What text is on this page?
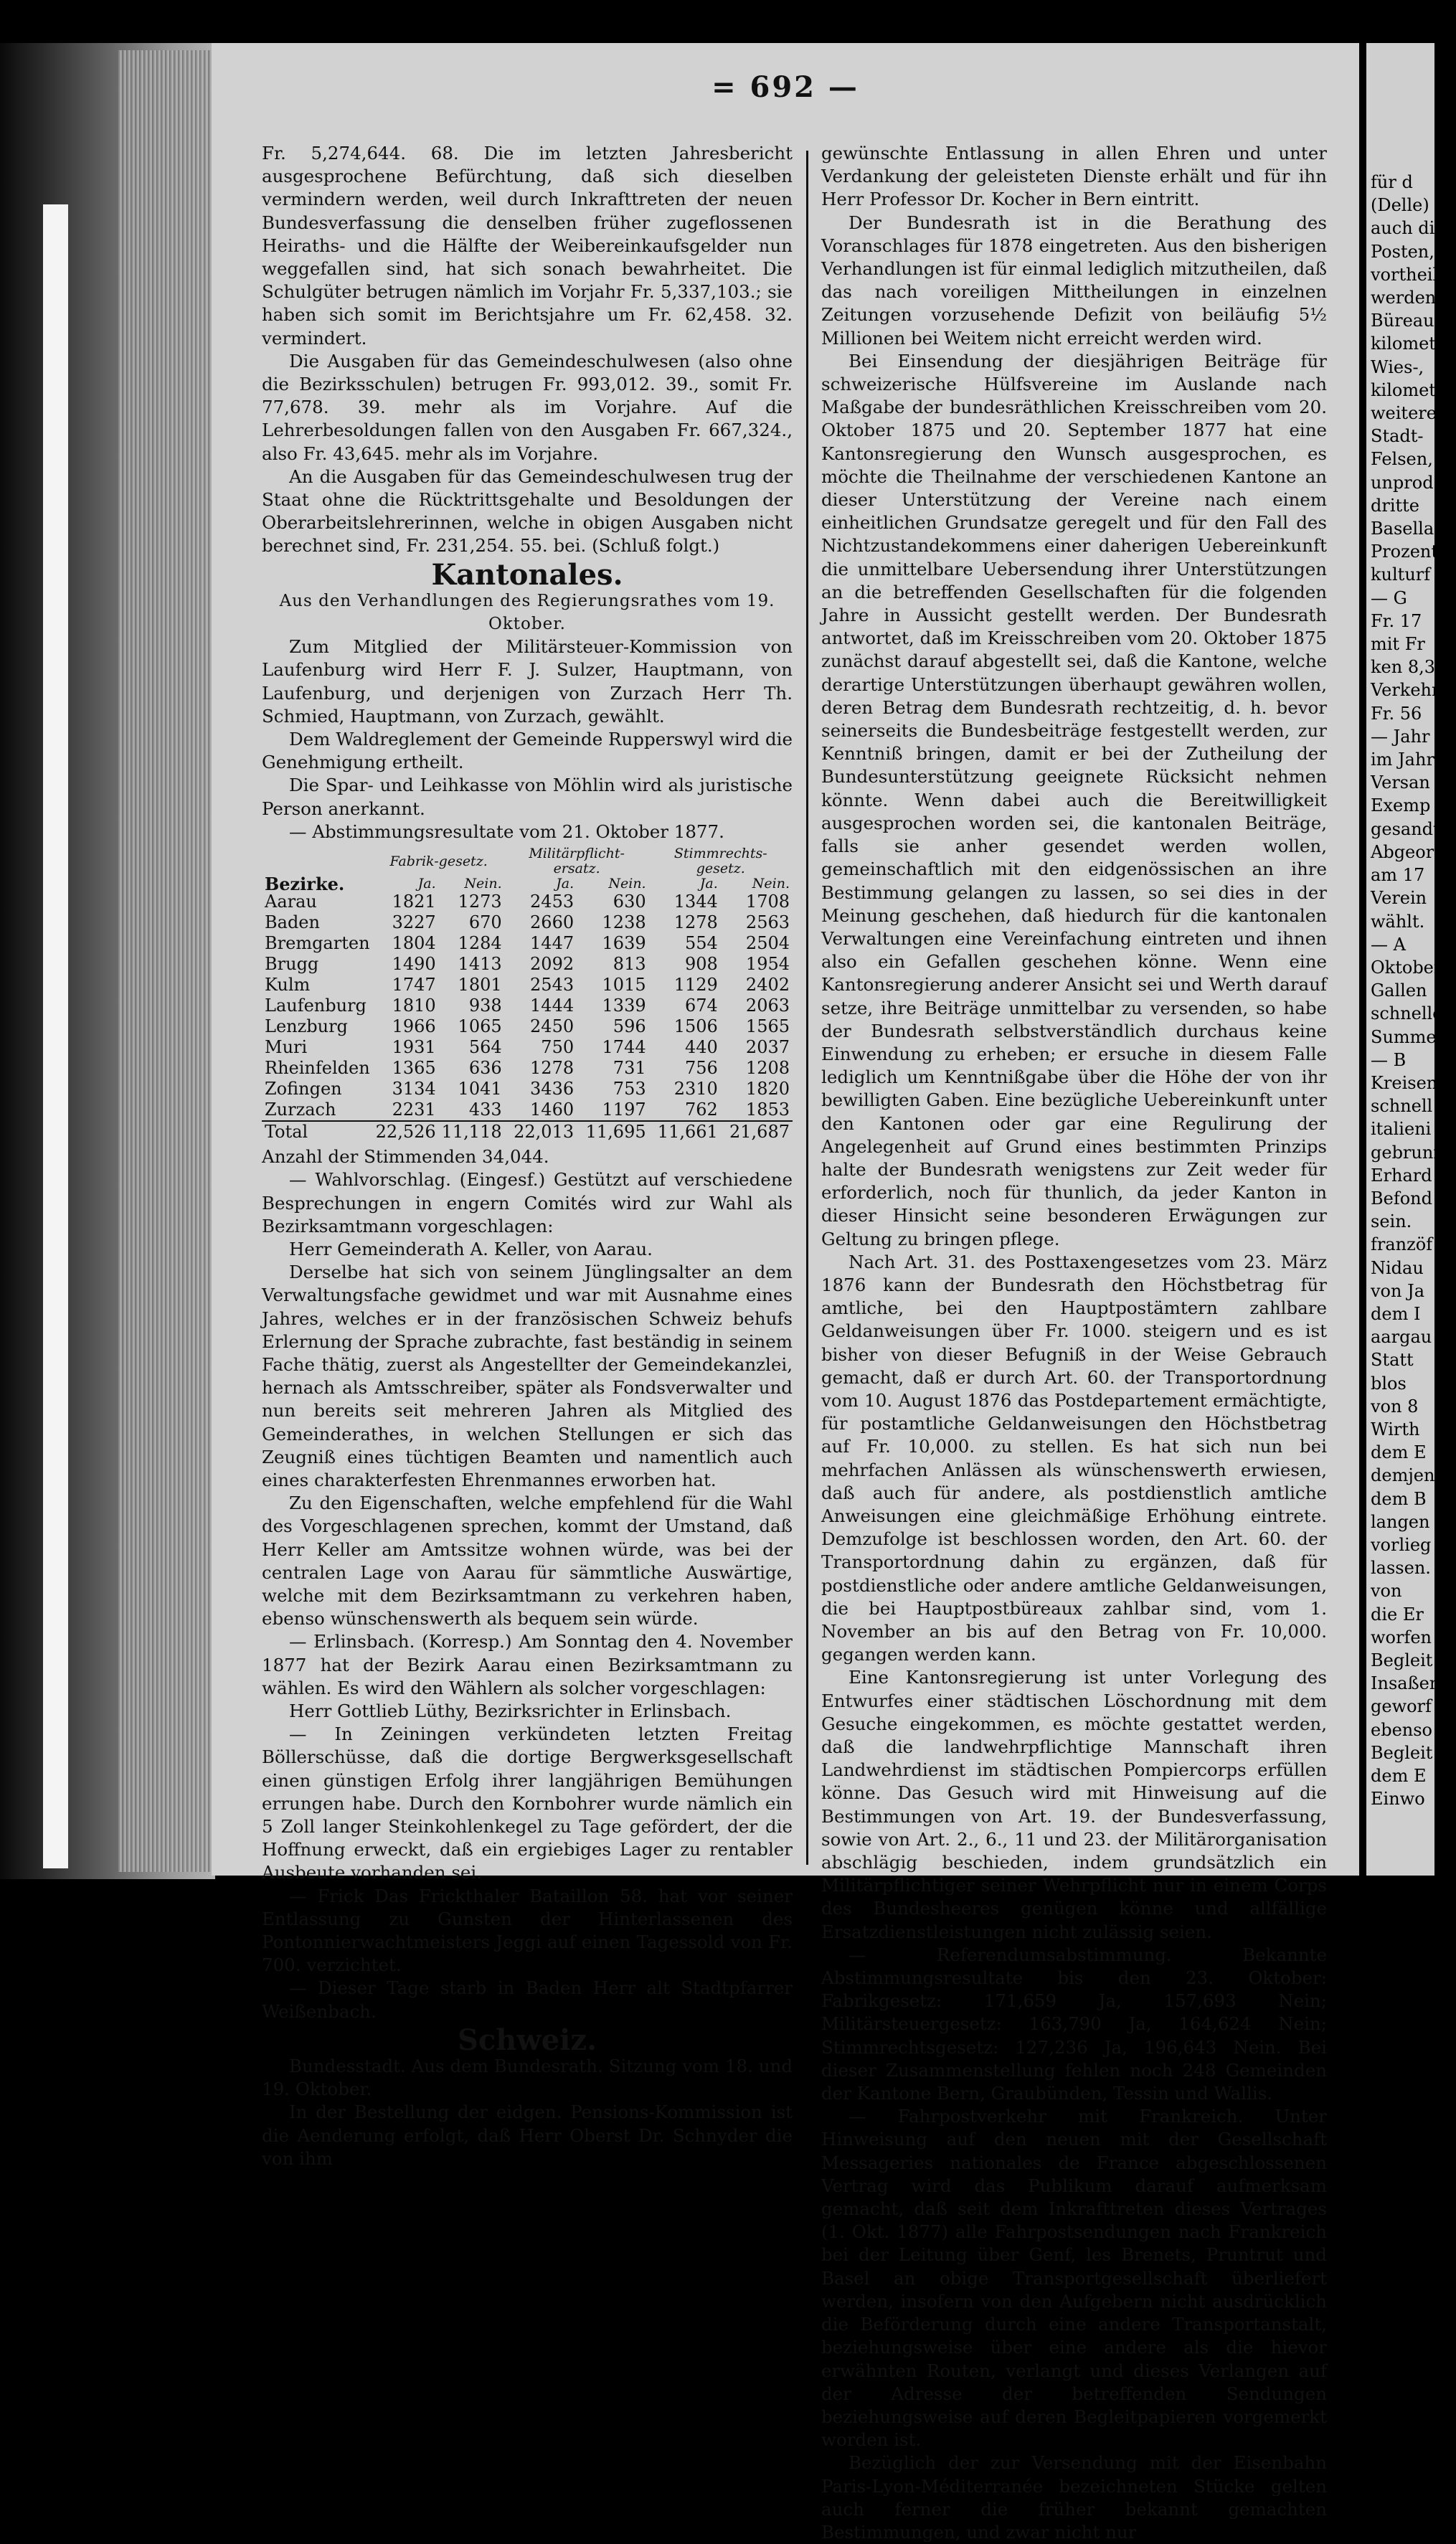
= 692 —

Fr. 5,274,644. 68. Die im letzten Jahresbericht ausgesprochene Befürchtung, daß sich dieselben vermindern werden, weil durch Inkrafttreten der neuen Bundesverfassung die denselben früher zugeflossenen Heiraths- und die Hälfte der Weibereinkaufsgelder nun weggefallen sind, hat sich sonach bewahrheitet. Die Schulgüter betrugen nämlich im Vorjahr Fr. 5,337,103.; sie haben sich somit im Berichtsjahre um Fr. 62,458. 32. vermindert.

Die Ausgaben für das Gemeindeschulwesen (also ohne die Bezirksschulen) betrugen Fr. 993,012. 39., somit Fr. 77,678. 39. mehr als im Vorjahre. Auf die Lehrerbesoldungen fallen von den Ausgaben Fr. 667,324., also Fr. 43,645. mehr als im Vorjahre.

An die Ausgaben für das Gemeindeschulwesen trug der Staat ohne die Rücktrittsgehalte und Besoldungen der Oberarbeitslehrerinnen, welche in obigen Ausgaben nicht berechnet sind, Fr. 231,254. 55. bei. (Schluß folgt.)

Kantonales.

Aus den Verhandlungen des Regierungsrathes vom 19. Oktober.

Zum Mitglied der Militärsteuer-Kommission von Laufenburg wird Herr F. J. Sulzer, Hauptmann, von Laufenburg, und derjenigen von Zurzach Herr Th. Schmied, Hauptmann, von Zurzach, gewählt.

Dem Waldreglement der Gemeinde Rupperswyl wird die Genehmigung ertheilt.

Die Spar- und Leihkasse von Möhlin wird als juristische Person anerkannt.

— Abstimmungsresultate vom 21. Oktober 1877.

Bezirke.	Fabrik-gesetz.		Militärpflicht-ersatz.		Stimmrechts-gesetz.	
	Ja.	Nein.	Ja.	Nein.	Ja.	Nein.
Aarau	1821	1273	2453	630	1344	1708
Baden	3227	670	2660	1238	1278	2563
Bremgarten	1804	1284	1447	1639	554	2504
Brugg	1490	1413	2092	813	908	1954
Kulm	1747	1801	2543	1015	1129	2402
Laufenburg	1810	938	1444	1339	674	2063
Lenzburg	1966	1065	2450	596	1506	1565
Muri	1931	564	750	1744	440	2037
Rheinfelden	1365	636	1278	731	756	1208
Zofingen	3134	1041	3436	753	2310	1820
Zurzach	2231	433	1460	1197	762	1853
Total	22,526	11,118	22,013	11,695	11,661	21,687

Anzahl der Stimmenden 34,044.

— Wahlvorschlag. (Eingesf.) Gestützt auf verschiedene Besprechungen in engern Comités wird zur Wahl als Bezirksamtmann vorgeschlagen:

Herr Gemeinderath A. Keller, von Aarau.

Derselbe hat sich von seinem Jünglingsalter an dem Verwaltungsfache gewidmet und war mit Ausnahme eines Jahres, welches er in der französischen Schweiz behufs Erlernung der Sprache zubrachte, fast beständig in seinem Fache thätig, zuerst als Angestellter der Gemeindekanzlei, hernach als Amtsschreiber, später als Fondsverwalter und nun bereits seit mehreren Jahren als Mitglied des Gemeinderathes, in welchen Stellungen er sich das Zeugniß eines tüchtigen Beamten und namentlich auch eines charakterfesten Ehrenmannes erworben hat.

Zu den Eigenschaften, welche empfehlend für die Wahl des Vorgeschlagenen sprechen, kommt der Umstand, daß Herr Keller am Amtssitze wohnen würde, was bei der centralen Lage von Aarau für sämmtliche Auswärtige, welche mit dem Bezirksamtmann zu verkehren haben, ebenso wünschenswerth als bequem sein würde.

— Erlinsbach. (Korresp.) Am Sonntag den 4. November 1877 hat der Bezirk Aarau einen Bezirksamtmann zu wählen. Es wird den Wählern als solcher vorgeschlagen:

Herr Gottlieb Lüthy, Bezirksrichter in Erlinsbach.

— In Zeiningen verkündeten letzten Freitag Böllerschüsse, daß die dortige Bergwerksgesellschaft einen günstigen Erfolg ihrer langjährigen Bemühungen errungen habe. Durch den Kornbohrer wurde nämlich ein 5 Zoll langer Steinkohlenkegel zu Tage gefördert, der die Hoffnung erweckt, daß ein ergiebiges Lager zu rentabler Ausbeute vorhanden sei.

— Frick Das Frickthaler Bataillon 58. hat vor seiner Entlassung zu Gunsten der Hinterlassenen des Pontonnierwachtmeisters Jeggi auf einen Tagessold von Fr. 700. verzichtet.

— Dieser Tage starb in Baden Herr alt Stadtpfarrer Weißenbach.

Schweiz.

Bundesstadt. Aus dem Bundesrath. Sitzung vom 18. und 19. Oktober.

In der Bestellung der eidgen. Pensions-Kommission ist die Aenderung erfolgt, daß Herr Oberst Dr. Schnyder die von ihm

gewünschte Entlassung in allen Ehren und unter Verdankung der geleisteten Dienste erhält und für ihn Herr Professor Dr. Kocher in Bern eintritt.

Der Bundesrath ist in die Berathung des Voranschlages für 1878 eingetreten. Aus den bisherigen Verhandlungen ist für einmal lediglich mitzutheilen, daß das nach voreiligen Mittheilungen in einzelnen Zeitungen vorzusehende Defizit von beiläufig 5½ Millionen bei Weitem nicht erreicht werden wird.

Bei Einsendung der diesjährigen Beiträge für schweizerische Hülfsvereine im Auslande nach Maßgabe der bundesräthlichen Kreisschreiben vom 20. Oktober 1875 und 20. September 1877 hat eine Kantonsregierung den Wunsch ausgesprochen, es möchte die Theilnahme der verschiedenen Kantone an dieser Unterstützung der Vereine nach einem einheitlichen Grundsatze geregelt und für den Fall des Nichtzustandekommens einer daherigen Uebereinkunft die unmittelbare Uebersendung ihrer Unterstützungen an die betreffenden Gesellschaften für die folgenden Jahre in Aussicht gestellt werden. Der Bundesrath antwortet, daß im Kreisschreiben vom 20. Oktober 1875 zunächst darauf abgestellt sei, daß die Kantone, welche derartige Unterstützungen überhaupt gewähren wollen, deren Betrag dem Bundesrath rechtzeitig, d. h. bevor seinerseits die Bundesbeiträge festgestellt werden, zur Kenntniß bringen, damit er bei der Zutheilung der Bundesunterstützung geeignete Rücksicht nehmen könnte. Wenn dabei auch die Bereitwilligkeit ausgesprochen worden sei, die kantonalen Beiträge, falls sie anher gesendet werden wollen, gemeinschaftlich mit den eidgenössischen an ihre Bestimmung gelangen zu lassen, so sei dies in der Meinung geschehen, daß hiedurch für die kantonalen Verwaltungen eine Vereinfachung eintreten und ihnen also ein Gefallen geschehen könne. Wenn eine Kantonsregierung anderer Ansicht sei und Werth darauf setze, ihre Beiträge unmittelbar zu versenden, so habe der Bundesrath selbstverständlich durchaus keine Einwendung zu erheben; er ersuche in diesem Falle lediglich um Kenntnißgabe über die Höhe der von ihr bewilligten Gaben. Eine bezügliche Uebereinkunft unter den Kantonen oder gar eine Regulirung der Angelegenheit auf Grund eines bestimmten Prinzips halte der Bundesrath wenigstens zur Zeit weder für erforderlich, noch für thunlich, da jeder Kanton in dieser Hinsicht seine besonderen Erwägungen zur Geltung zu bringen pflege.

Nach Art. 31. des Posttaxengesetzes vom 23. März 1876 kann der Bundesrath den Höchstbetrag für amtliche, bei den Hauptpostämtern zahlbare Geldanweisungen über Fr. 1000. steigern und es ist bisher von dieser Befugniß in der Weise Gebrauch gemacht, daß er durch Art. 60. der Transportordnung vom 10. August 1876 das Postdepartement ermächtigte, für postamtliche Geldanweisungen den Höchstbetrag auf Fr. 10,000. zu stellen. Es hat sich nun bei mehrfachen Anlässen als wünschenswerth erwiesen, daß auch für andere, als postdienstlich amtliche Anweisungen eine gleichmäßige Erhöhung eintrete. Demzufolge ist beschlossen worden, den Art. 60. der Transportordnung dahin zu ergänzen, daß für postdienstliche oder andere amtliche Geldanweisungen, die bei Hauptpostbüreaux zahlbar sind, vom 1. November an bis auf den Betrag von Fr. 10,000. gegangen werden kann.

Eine Kantonsregierung ist unter Vorlegung des Entwurfes einer städtischen Löschordnung mit dem Gesuche eingekommen, es möchte gestattet werden, daß die landwehrpflichtige Mannschaft ihren Landwehrdienst im städtischen Pompiercorps erfüllen könne. Das Gesuch wird mit Hinweisung auf die Bestimmungen von Art. 19. der Bundesverfassung, sowie von Art. 2., 6., 11 und 23. der Militärorganisation abschlägig beschieden, indem grundsätzlich ein Militärpflichtiger seiner Wehrpflicht nur in einem Corps des Bundesheeres genügen könne und allfällige Ersatzdienstleistungen nicht zulässig seien.

— Referendumsabstimmung. Bekannte Abstimmungsresultate bis den 23. Oktober: Fabrikgesetz: 171,659 Ja, 157,693 Nein; Militärsteuergesetz: 163,790 Ja, 164,624 Nein; Stimmrechtsgesetz: 127,236 Ja, 196,643 Nein. Bei dieser Zusammenstellung fehlen noch 248 Gemeinden der Kantone Bern, Graubünden, Tessin und Wallis.

— Fahrpostverkehr mit Frankreich. Unter Hinweisung auf den neuen mit der Gesellschaft Messageries nationales de France abgeschlossenen Vertrag wird das Publikum darauf aufmerksam gemacht, daß seit dem Inkrafttreten dieses Vertrages (1. Okt. 1877) alle Fahrpostsendungen nach Frankreich bei der Leitung über Genf, les Brenets, Pruntrut und Basel an obige Transportgesellschaft überliefert werden, insofern von den Aufgebern nicht ausdrücklich die Beförderung durch eine andere Transportanstalt, beziehungsweise über eine andere als die hievor erwähnten Routen, verlangt und dieses Verlangen auf der Adresse der betreffenden Sendungen beziehungsweise auf deren Begleitpapieren vorgemerkt worden ist.

Bezüglich der zur Versendung mit der Eisenbahn Paris-Lyon-Méditerranée bezeichneten Stücke gelten auch ferner die früher bekannt gemachten Bestimmungen, und zwar nicht nur

für d
(Delle)
auch di
Posten,
vortheil
werden
Büreau
kilomet
Wies-,
kilomet
weitere
Stadt-
Felsen,
unprod
dritte
Baselland
Prozent
kulturf
— G
Fr. 17
mit Fr
ken 8,3
Verkehr
Fr. 56
— Jahr
im Jahr
Versan
Exemp
gesandt
Abgeor
am 17
Verein
wählt.
— A
Oktober
Gallen
schnelle
Summe
— B
Kreisen
schnell
italieni
gebrunne
Erhard
Befond
sein.
franzöf
Nidau
von Ja
dem I
aargau
Statt
blos
von 8
Wirth
dem E
demjen
dem B
langen
vorlieg
lassen.
von
die Er
worfen
Begleit
Insaßen
geworf
ebenso
Begleit
dem E
Einwo
